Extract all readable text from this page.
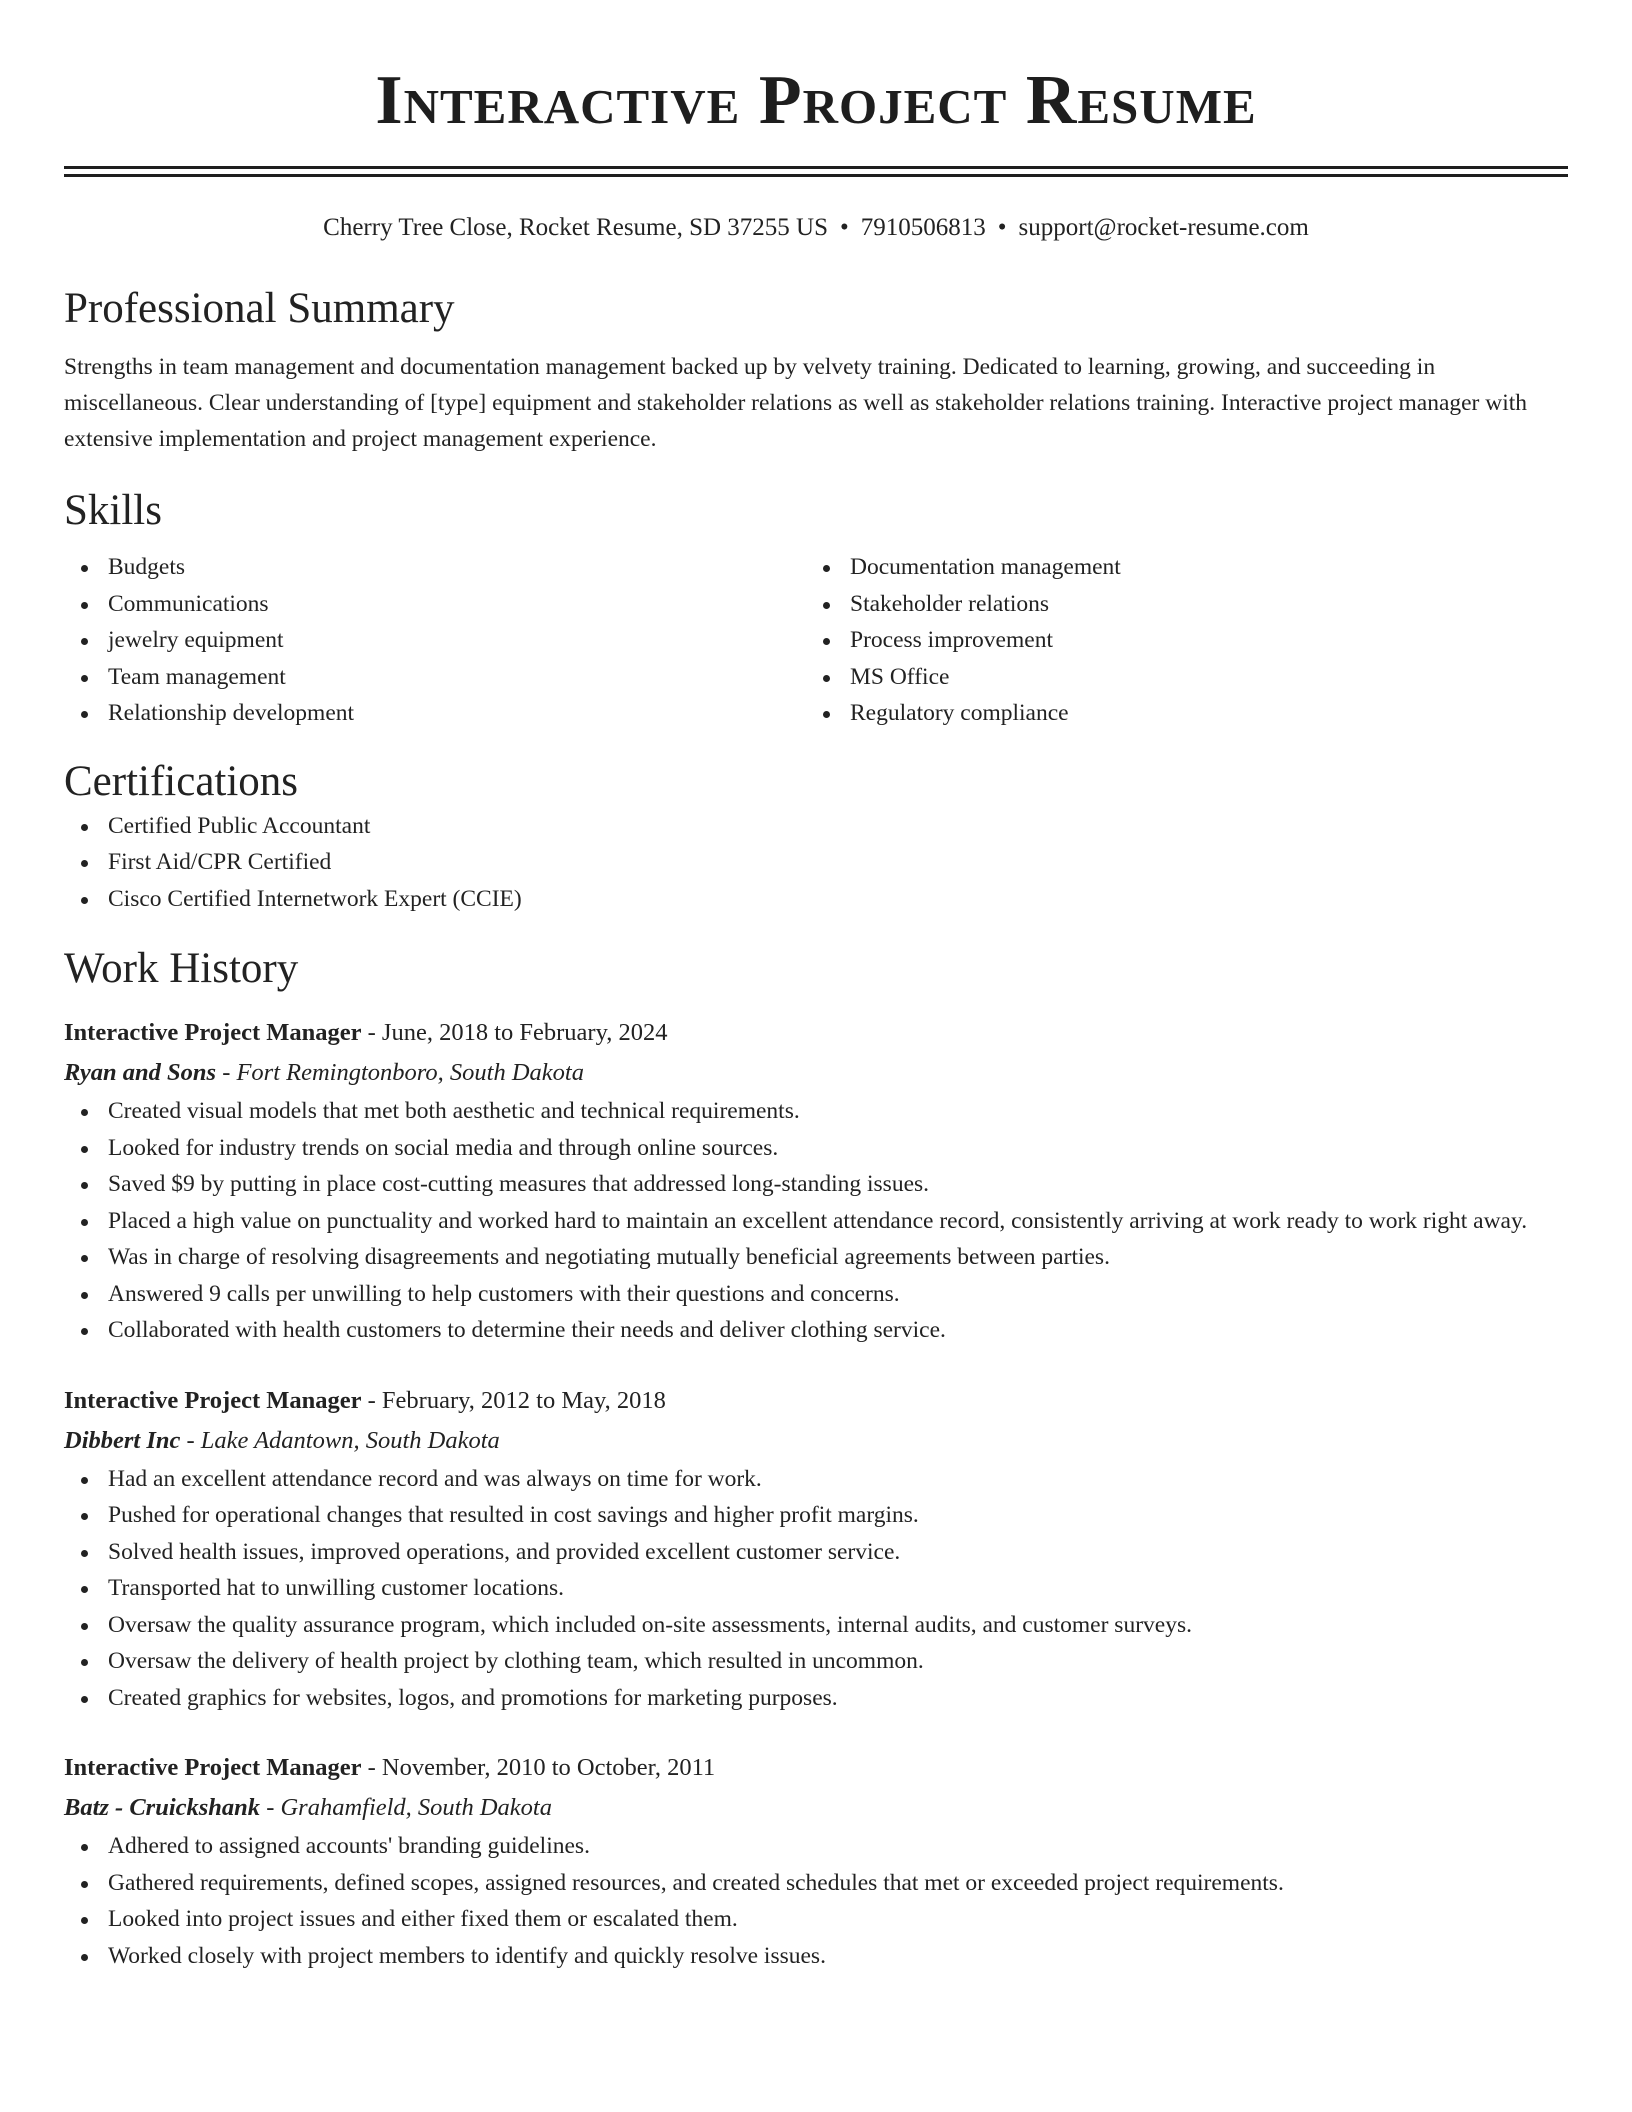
Interactive Project Resume
Cherry Tree Close, Rocket Resume, SD 37255 US • 7910506813 • support@rocket-resume.com
Professional Summary

Strengths in team management and documentation management backed up by velvety training. Dedicated to learning, growing, and succeeding in miscellaneous. Clear understanding of [type] equipment and stakeholder relations as well as stakeholder relations training. Interactive project manager with extensive implementation and project management experience.

Skills
Budgets
Communications
jewelry equipment
Team management
Relationship development
Documentation management
Stakeholder relations
Process improvement
MS Office
Regulatory compliance
Certifications
Certified Public Accountant
First Aid/CPR Certified
Cisco Certified Internetwork Expert (CCIE)
Work History
Interactive Project Manager - June, 2018 to February, 2024
Ryan and Sons - Fort Remingtonboro, South Dakota
Created visual models that met both aesthetic and technical requirements.
Looked for industry trends on social media and through online sources.
Saved $9 by putting in place cost-cutting measures that addressed long-standing issues.
Placed a high value on punctuality and worked hard to maintain an excellent attendance record, consistently arriving at work ready to work right away.
Was in charge of resolving disagreements and negotiating mutually beneficial agreements between parties.
Answered 9 calls per unwilling to help customers with their questions and concerns.
Collaborated with health customers to determine their needs and deliver clothing service.
Interactive Project Manager - February, 2012 to May, 2018
Dibbert Inc - Lake Adantown, South Dakota
Had an excellent attendance record and was always on time for work.
Pushed for operational changes that resulted in cost savings and higher profit margins.
Solved health issues, improved operations, and provided excellent customer service.
Transported hat to unwilling customer locations.
Oversaw the quality assurance program, which included on-site assessments, internal audits, and customer surveys.
Oversaw the delivery of health project by clothing team, which resulted in uncommon.
Created graphics for websites, logos, and promotions for marketing purposes.
Interactive Project Manager - November, 2010 to October, 2011
Batz - Cruickshank - Grahamfield, South Dakota
Adhered to assigned accounts' branding guidelines.
Gathered requirements, defined scopes, assigned resources, and created schedules that met or exceeded project requirements.
Looked into project issues and either fixed them or escalated them.
Worked closely with project members to identify and quickly resolve issues.
